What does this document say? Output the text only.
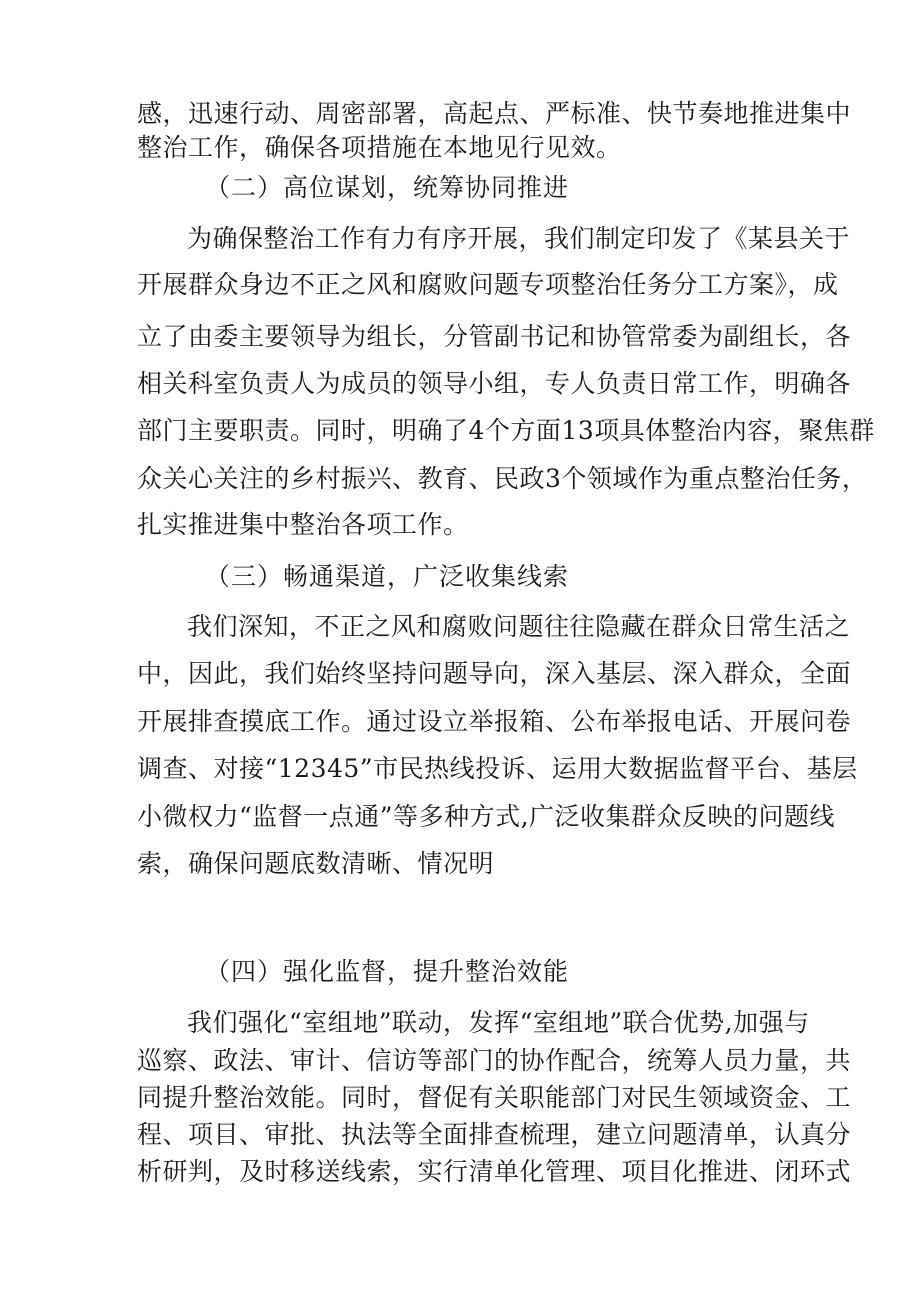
感，迅速行动、周密部署，高起点、严标准、快节奏地推进集中
整治工作，确保各项措施在本地见行见效。
（二）高位谋划，统筹协同推进
为确保整治工作有力有序开展，我们制定印发了《某县关于
开展群众身边不正之风和腐败问题专项整治任务分工方案》，成
立了由委主要领导为组长，分管副书记和协管常委为副组长，各
相关科室负责人为成员的领导小组，专人负责日常工作，明确各
部门主要职责。同时，明确了4个方面13项具体整治内容，聚焦群
众关心关注的乡村振兴、教育、民政3个领域作为重点整治任务，
扎实推进集中整治各项工作。
（三）畅通渠道，广泛收集线索
我们深知，不正之风和腐败问题往往隐藏在群众日常生活之
中，因此，我们始终坚持问题导向，深入基层、深入群众，全面
开展排查摸底工作。通过设立举报箱、公布举报电话、开展问卷
调查、对接“12345”市民热线投诉、运用大数据监督平台、基层
小微权力“监督一点通”等多种方式,广泛收集群众反映的问题线
索，确保问题底数清晰、情况明
（四）强化监督，提升整治效能
我们强化“室组地”联动，发挥“室组地”联合优势,加强与
巡察、政法、审计、信访等部门的协作配合，统筹人员力量，共
同提升整治效能。同时，督促有关职能部门对民生领域资金、工
程、项目、审批、执法等全面排查梳理，建立问题清单，认真分
析研判，及时移送线索，实行清单化管理、项目化推进、闭环式
